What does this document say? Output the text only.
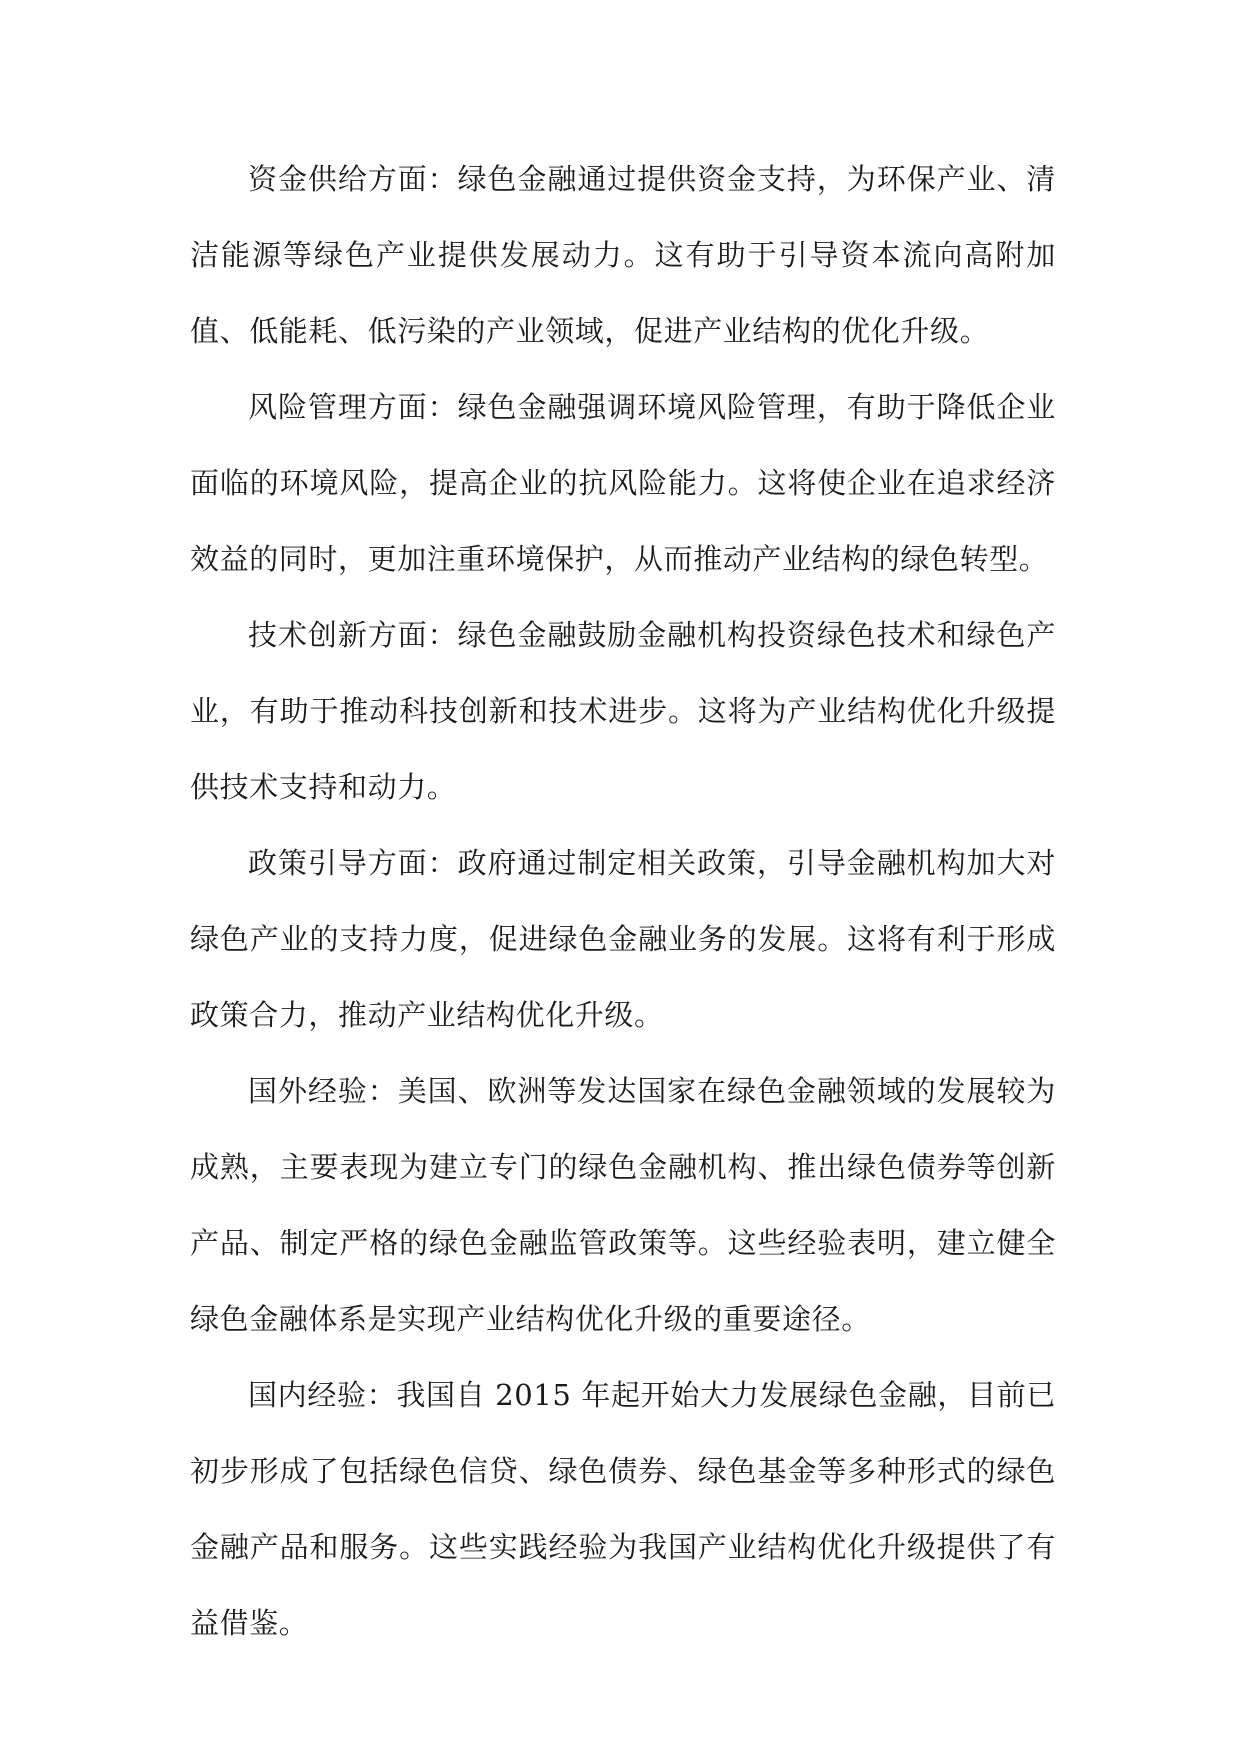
资金供给方面：绿色金融通过提供资金支持，为环保产业、清洁能源等绿色产业提供发展动力。这有助于引导资本流向高附加值、低能耗、低污染的产业领域，促进产业结构的优化升级。

风险管理方面：绿色金融强调环境风险管理，有助于降低企业面临的环境风险，提高企业的抗风险能力。这将使企业在追求经济效益的同时，更加注重环境保护，从而推动产业结构的绿色转型。

技术创新方面：绿色金融鼓励金融机构投资绿色技术和绿色产业，有助于推动科技创新和技术进步。这将为产业结构优化升级提供技术支持和动力。

政策引导方面：政府通过制定相关政策，引导金融机构加大对绿色产业的支持力度，促进绿色金融业务的发展。这将有利于形成政策合力，推动产业结构优化升级。

国外经验：美国、欧洲等发达国家在绿色金融领域的发展较为成熟，主要表现为建立专门的绿色金融机构、推出绿色债券等创新产品、制定严格的绿色金融监管政策等。这些经验表明，建立健全绿色金融体系是实现产业结构优化升级的重要途径。

国内经验：我国自 2015 年起开始大力发展绿色金融，目前已初步形成了包括绿色信贷、绿色债券、绿色基金等多种形式的绿色金融产品和服务。这些实践经验为我国产业结构优化升级提供了有益借鉴。
